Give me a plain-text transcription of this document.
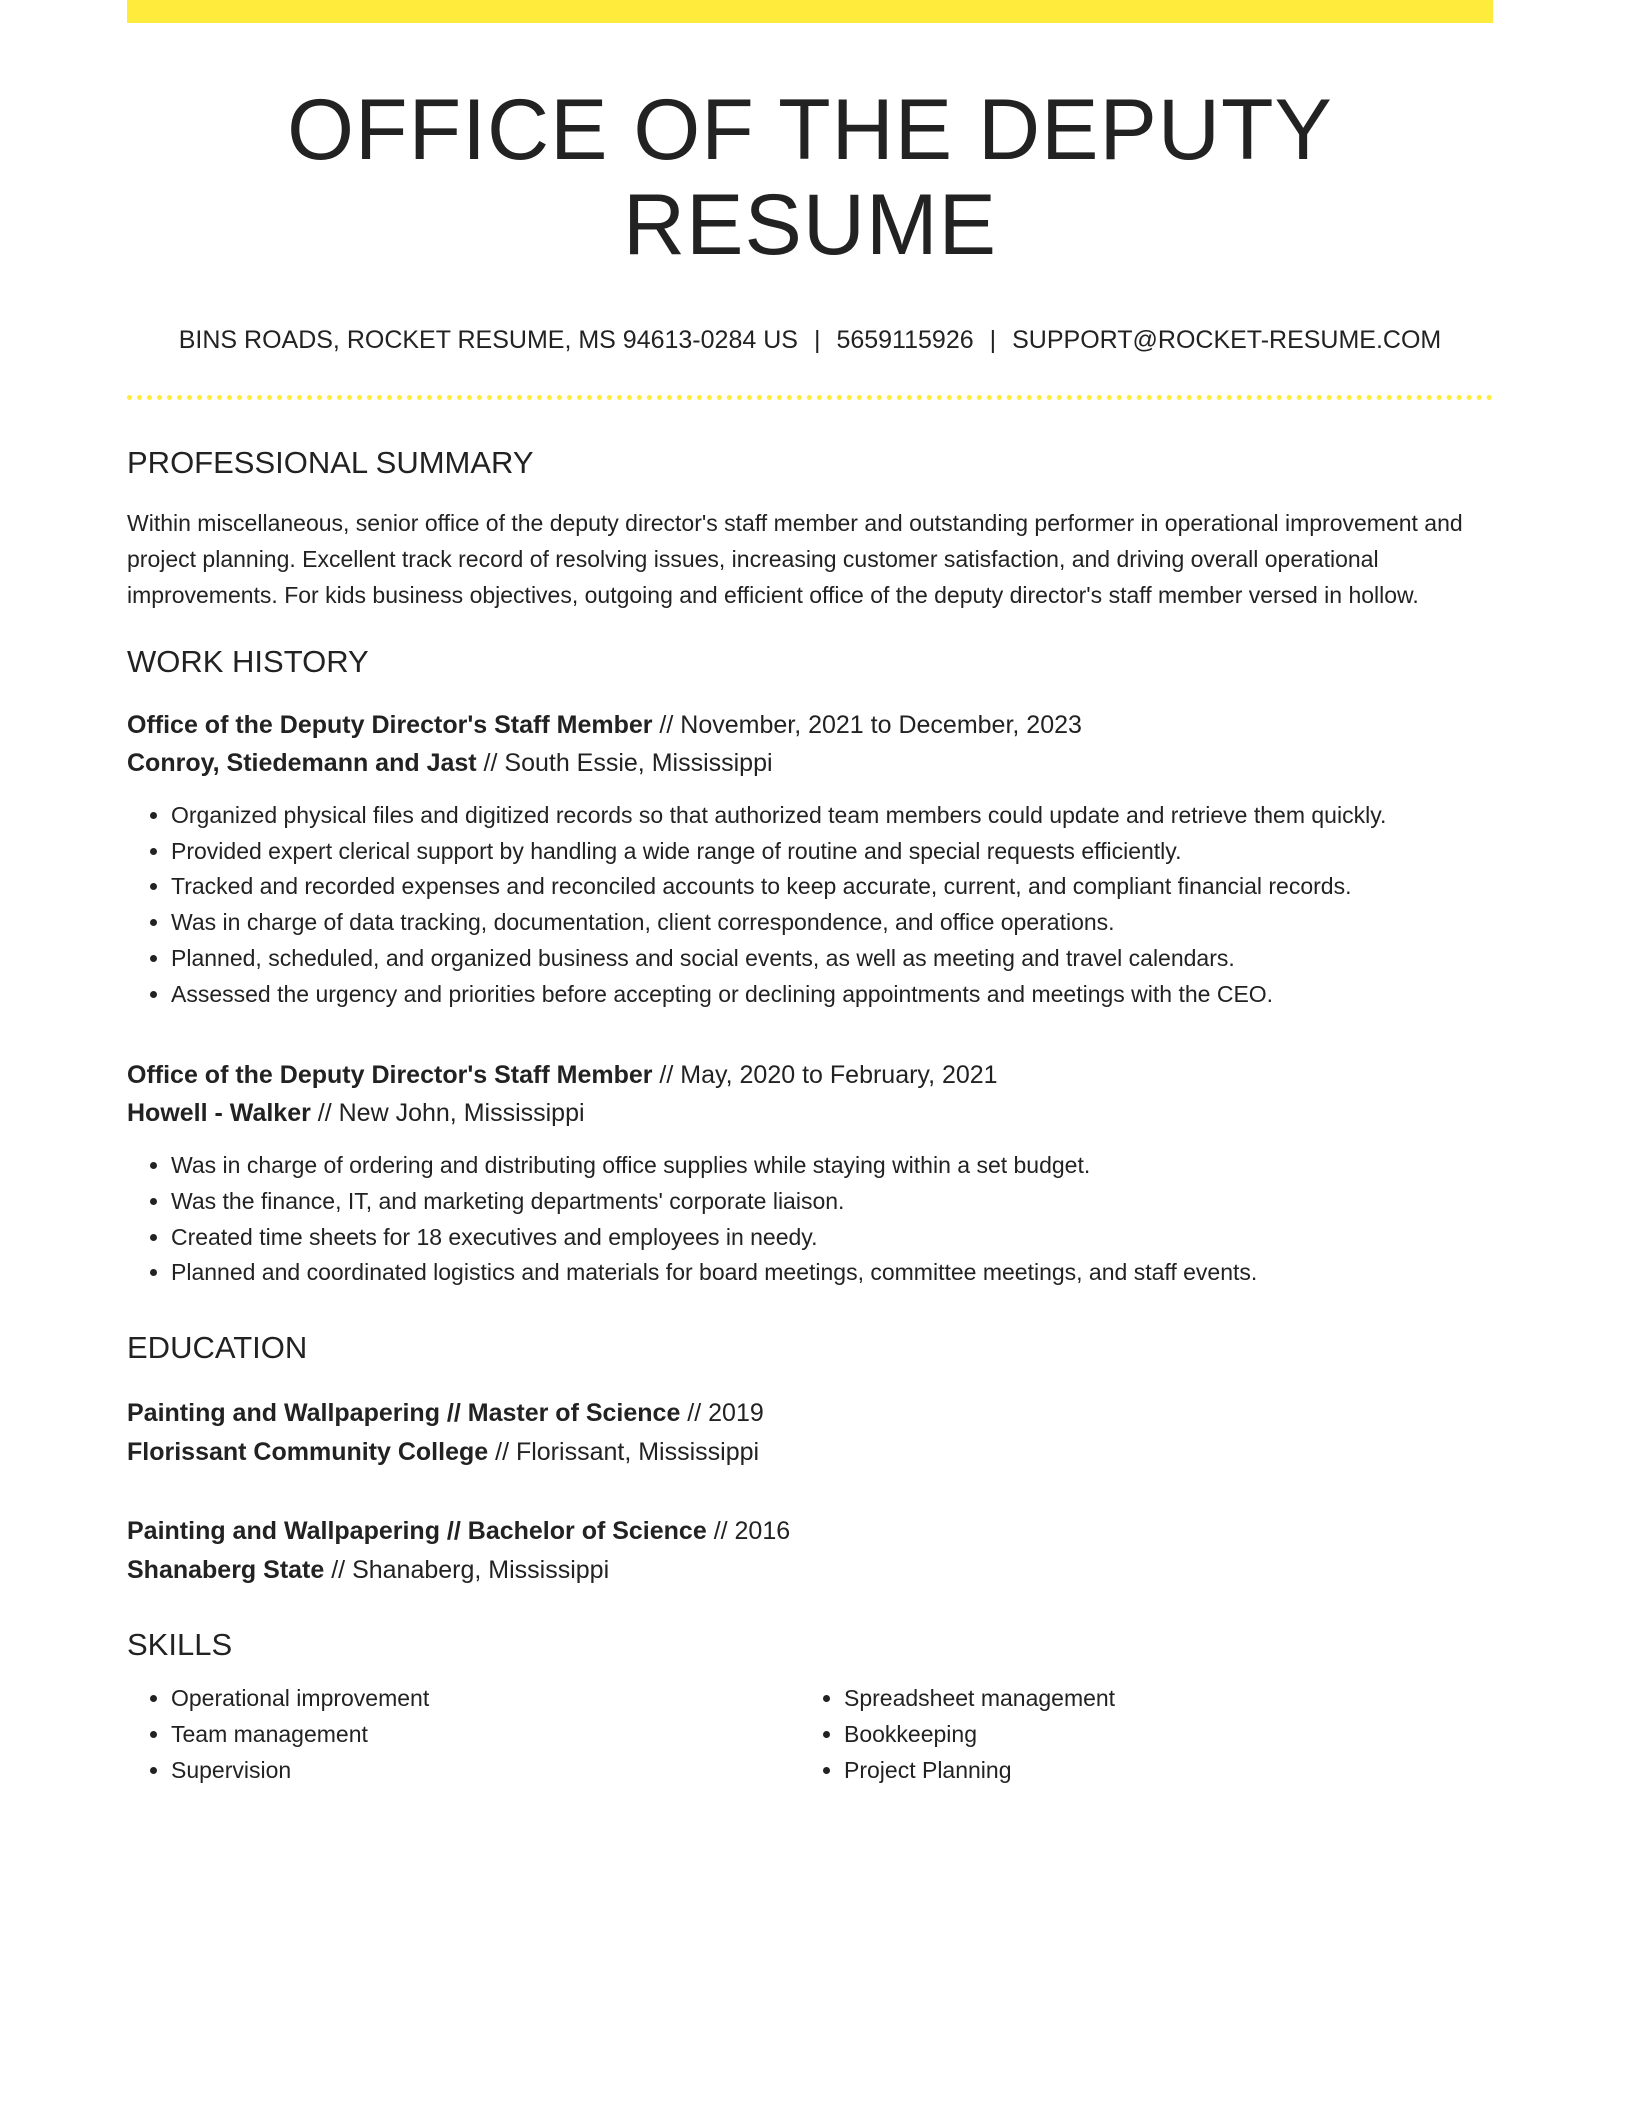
OFFICE OF THE DEPUTY RESUME
BINS ROADS, ROCKET RESUME, MS 94613-0284 US | 5659115926 | SUPPORT@ROCKET-RESUME.COM
PROFESSIONAL SUMMARY
Within miscellaneous, senior office of the deputy director's staff member and outstanding performer in operational improvement and project planning. Excellent track record of resolving issues, increasing customer satisfaction, and driving overall operational improvements. For kids business objectives, outgoing and efficient office of the deputy director's staff member versed in hollow.
WORK HISTORY
Office of the Deputy Director's Staff Member // November, 2021 to December, 2023
Conroy, Stiedemann and Jast // South Essie, Mississippi
• Organized physical files and digitized records so that authorized team members could update and retrieve them quickly.
• Provided expert clerical support by handling a wide range of routine and special requests efficiently.
• Tracked and recorded expenses and reconciled accounts to keep accurate, current, and compliant financial records.
• Was in charge of data tracking, documentation, client correspondence, and office operations.
• Planned, scheduled, and organized business and social events, as well as meeting and travel calendars.
• Assessed the urgency and priorities before accepting or declining appointments and meetings with the CEO.
Office of the Deputy Director's Staff Member // May, 2020 to February, 2021
Howell - Walker // New John, Mississippi
• Was in charge of ordering and distributing office supplies while staying within a set budget.
• Was the finance, IT, and marketing departments' corporate liaison.
• Created time sheets for 18 executives and employees in needy.
• Planned and coordinated logistics and materials for board meetings, committee meetings, and staff events.
EDUCATION
Painting and Wallpapering // Master of Science // 2019
Florissant Community College // Florissant, Mississippi
Painting and Wallpapering // Bachelor of Science // 2016
Shanaberg State // Shanaberg, Mississippi
SKILLS
• Operational improvement
• Team management
• Supervision
• Spreadsheet management
• Bookkeeping
• Project Planning
